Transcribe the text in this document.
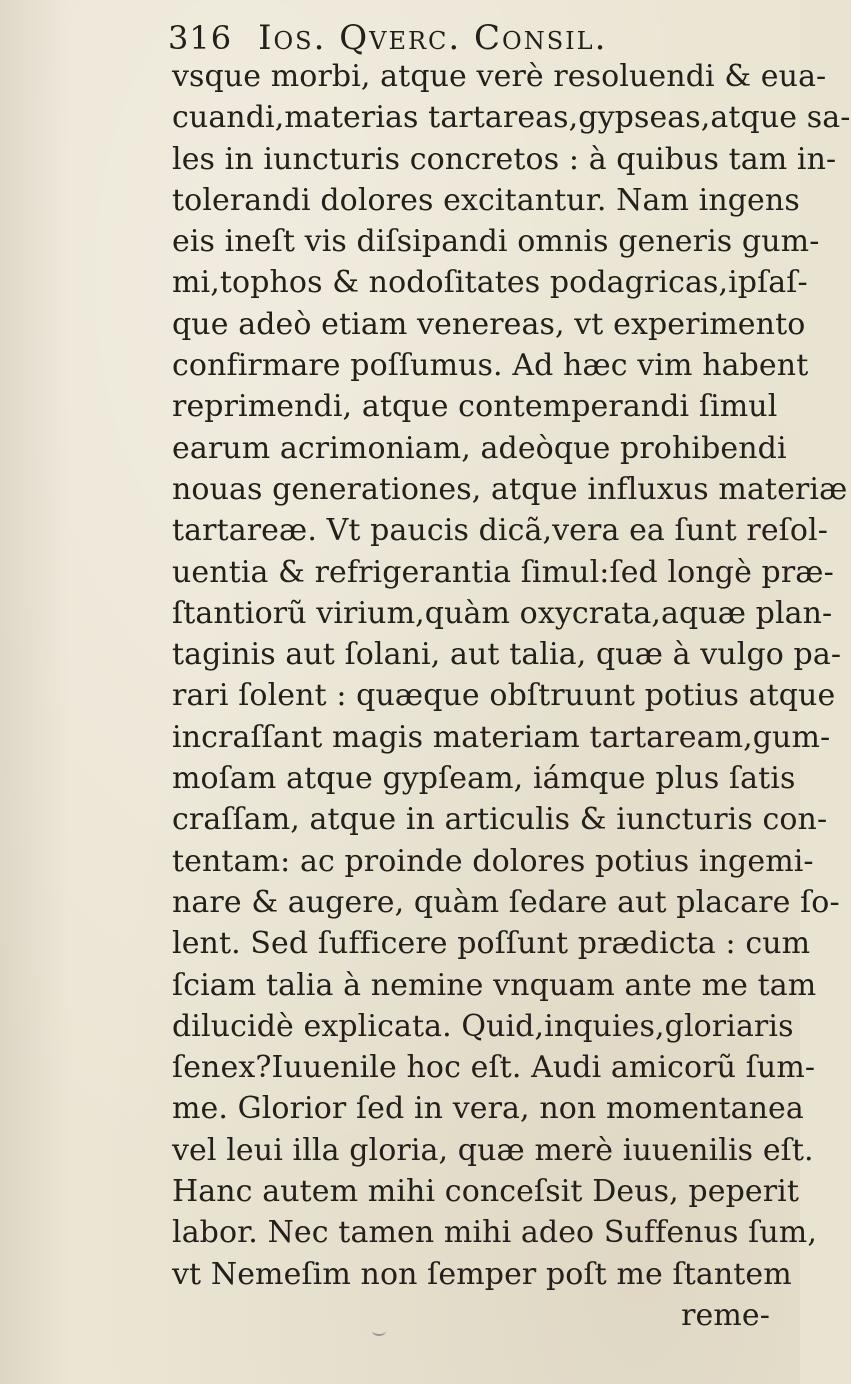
316 Ios. Qverc. Consil.
vsque morbi, atque verè resoluendi & eua-
cuandi,materias tartareas,gypseas,atque sa-
les in iuncturis concretos : à quibus tam in-
tolerandi dolores excitantur. Nam ingens
eis ineſt vis diſsipandi omnis generis gum-
mi,tophos & nodoſitates podagricas,ipſaſ-
que adeò etiam venereas, vt experimento
confirmare poſſumus. Ad hæc vim habent
reprimendi, atque contemperandi ſimul
earum acrimoniam, adeòque prohibendi
nouas generationes, atque influxus materiæ
tartareæ. Vt paucis dicã,vera ea ſunt reſol-
uentia & refrigerantia ſimul:ſed longè præ-
ſtantiorũ virium,quàm oxycrata,aquæ plan-
taginis aut ſolani, aut talia, quæ à vulgo pa-
rari ſolent : quæque obſtruunt potius atque
incraſſant magis materiam tartaream,gum-
moſam atque gypſeam, iámque plus ſatis
craſſam, atque in articulis & iuncturis con-
tentam: ac proinde dolores potius ingemi-
nare & augere, quàm ſedare aut placare ſo-
lent. Sed ſufficere poſſunt prædicta : cum
ſciam talia à nemine vnquam ante me tam
dilucidè explicata. Quid,inquies,gloriaris
ſenex?Iuuenile hoc eſt. Audi amicorũ ſum-
me. Glorior ſed in vera, non momentanea
vel leui illa gloria, quæ merè iuuenilis eſt.
Hanc autem mihi conceſsit Deus, peperit
labor. Nec tamen mihi adeo Suffenus ſum,
vt Nemeſim non ſemper poſt me ſtantem
reme-
